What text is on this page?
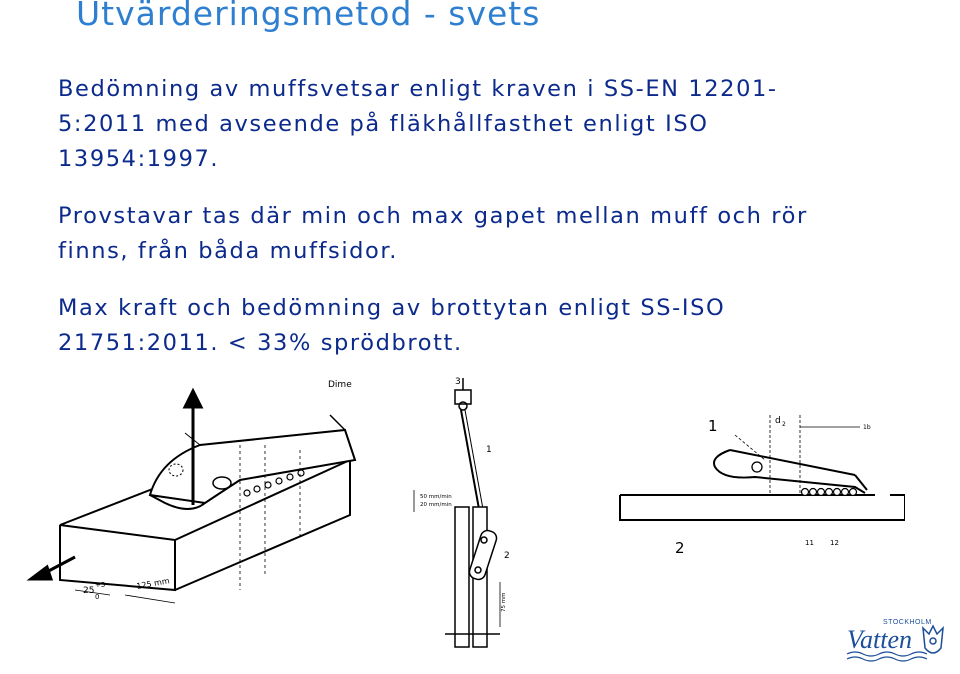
Utvärderingsmetod - svets
Bedömning av muffsvetsar enligt kraven i SS-EN 12201-
5:2011 med avseende på fläkhållfasthet enligt ISO
13954:1997.
Provstavar tas där min och max gapet mellan muff och rör
finns, från båda muffsidor.
Max kraft och bedömning av brottytan enligt SS-ISO
21751:2011. < 33% sprödbrott.
Dime
25
+5
0
125 mm
3
1
2
50 mm/min
20 mm/min
75 mm
1
2	11 12
d 2	1b
STOCKHOLM
Vatten
